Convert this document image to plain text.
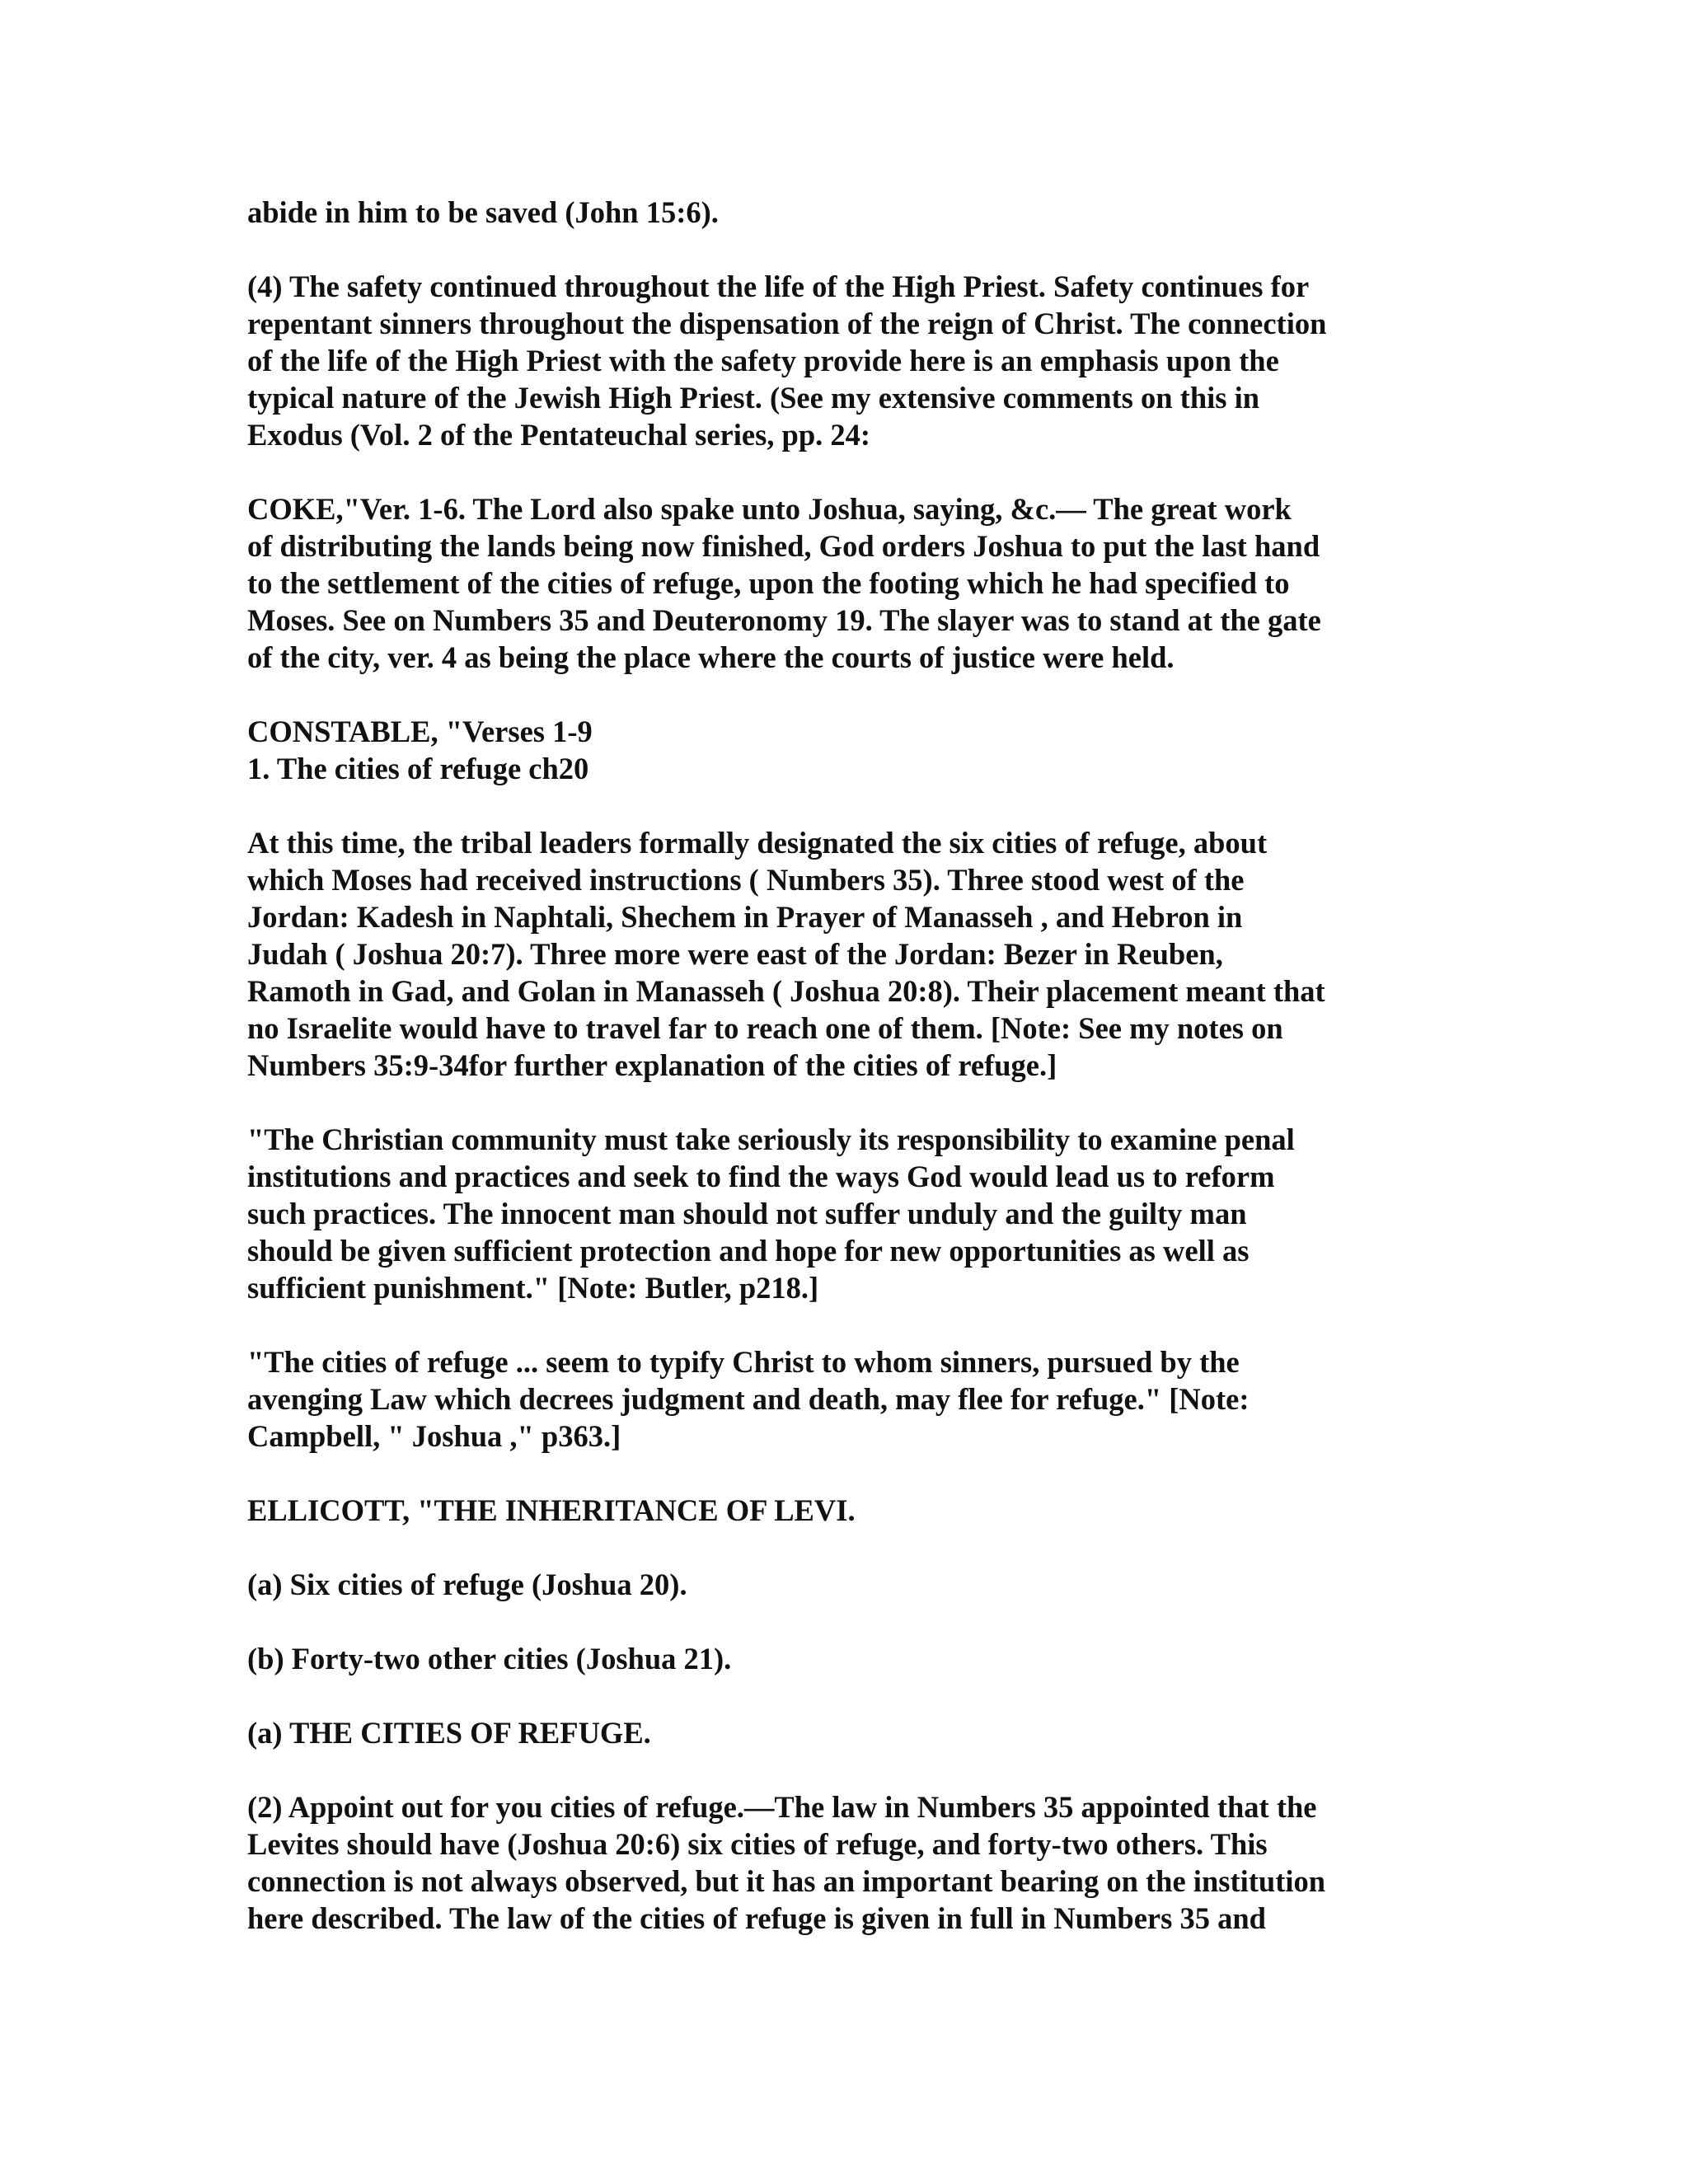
abide in him to be saved (John 15:6).

(4) The safety continued throughout the life of the High Priest. Safety continues for
repentant sinners throughout the dispensation of the reign of Christ. The connection
of the life of the High Priest with the safety provide here is an emphasis upon the
typical nature of the Jewish High Priest. (See my extensive comments on this in
Exodus (Vol. 2 of the Pentateuchal series, pp. 24:

COKE,"Ver. 1-6. The Lord also spake unto Joshua, saying, &c.— The great work
of distributing the lands being now finished, God orders Joshua to put the last hand
to the settlement of the cities of refuge, upon the footing which he had specified to
Moses. See on Numbers 35 and Deuteronomy 19. The slayer was to stand at the gate
of the city, ver. 4 as being the place where the courts of justice were held.

CONSTABLE, "Verses 1-9

1. The cities of refuge ch20

At this time, the tribal leaders formally designated the six cities of refuge, about
which Moses had received instructions ( Numbers 35). Three stood west of the
Jordan: Kadesh in Naphtali, Shechem in Prayer of Manasseh , and Hebron in
Judah ( Joshua 20:7). Three more were east of the Jordan: Bezer in Reuben,
Ramoth in Gad, and Golan in Manasseh ( Joshua 20:8). Their placement meant that
no Israelite would have to travel far to reach one of them. [Note: See my notes on
Numbers 35:9-34for further explanation of the cities of refuge.]

"The Christian community must take seriously its responsibility to examine penal
institutions and practices and seek to find the ways God would lead us to reform
such practices. The innocent man should not suffer unduly and the guilty man
should be given sufficient protection and hope for new opportunities as well as
sufficient punishment." [Note: Butler, p218.]

"The cities of refuge ... seem to typify Christ to whom sinners, pursued by the
avenging Law which decrees judgment and death, may flee for refuge." [Note:
Campbell, " Joshua ," p363.]

ELLICOTT, "THE INHERITANCE OF LEVI.

(a) Six cities of refuge (Joshua 20).

(b) Forty-two other cities (Joshua 21).

(a) THE CITIES OF REFUGE.

(2) Appoint out for you cities of refuge.—The law in Numbers 35 appointed that the
Levites should have (Joshua 20:6) six cities of refuge, and forty-two others. This
connection is not always observed, but it has an important bearing on the institution
here described. The law of the cities of refuge is given in full in Numbers 35 and
